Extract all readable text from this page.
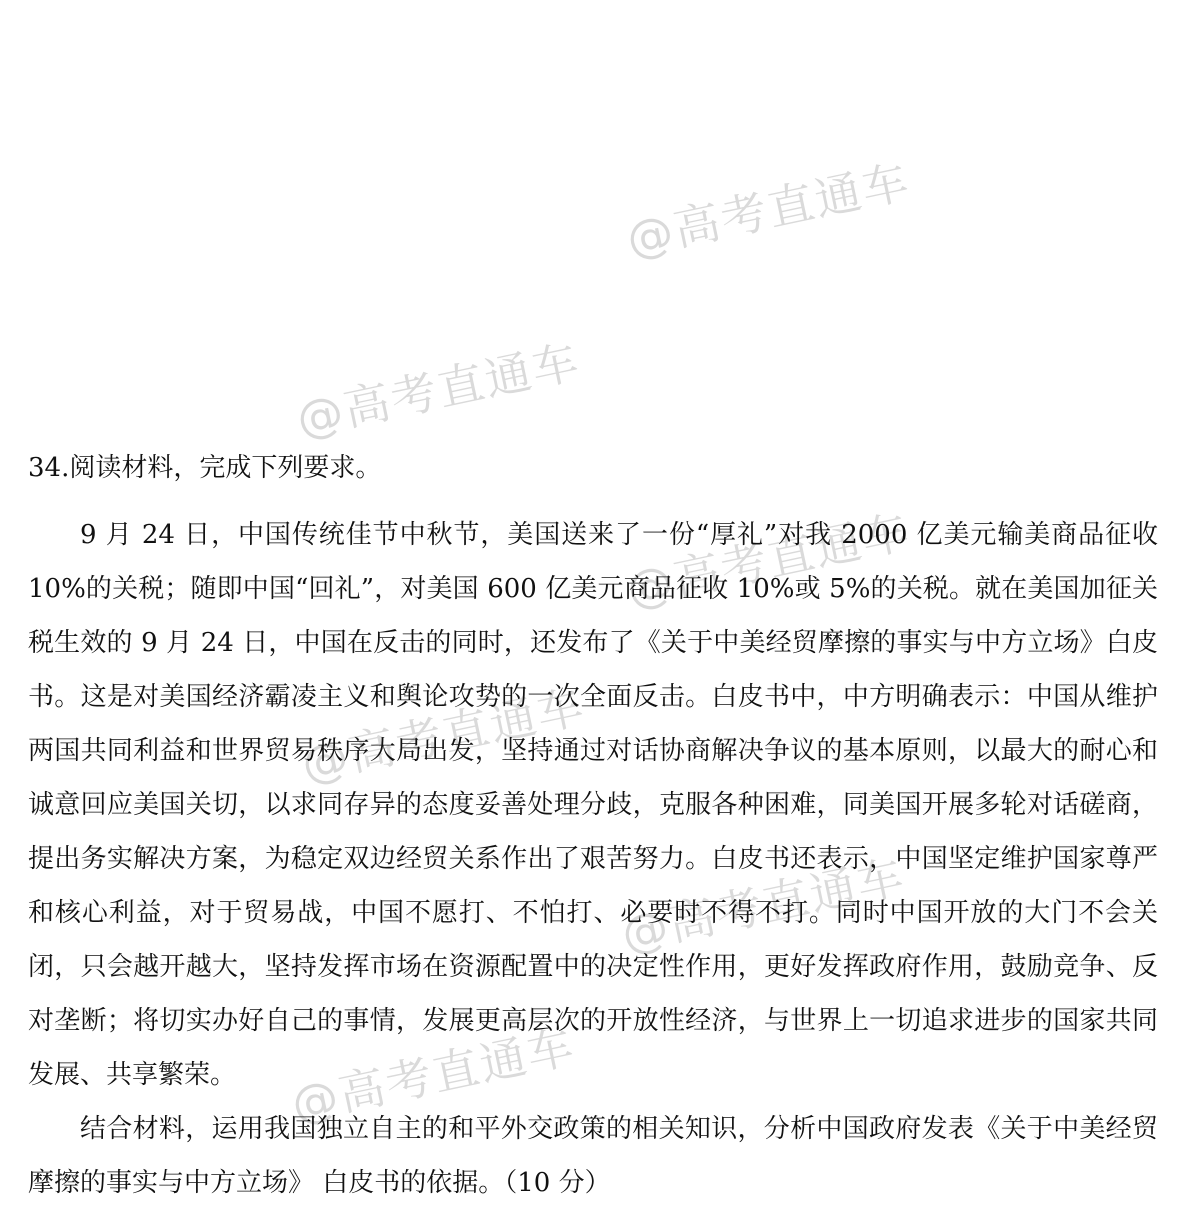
@高考直通车
@高考直通车
@高考直通车
@高考直通车
@高考直通车
@高考直通车
34.阅读材料，完成下列要求。

9 月 24 日，中国传统佳节中秋节，美国送来了一份“厚礼”对我 2000 亿美元输美商品征收 10%的关税；随即中国“回礼”，对美国 600 亿美元商品征收 10%或 5%的关税。就在美国加征关税生效的 9 月 24 日，中国在反击的同时，还发布了《关于中美经贸摩擦的事实与中方立场》白皮书。这是对美国经济霸凌主义和舆论攻势的一次全面反击。白皮书中，中方明确表示：中国从维护两国共同利益和世界贸易秩序大局出发，坚持通过对话协商解决争议的基本原则，以最大的耐心和诚意回应美国关切，以求同存异的态度妥善处理分歧，克服各种困难，同美国开展多轮对话磋商，提出务实解决方案，为稳定双边经贸关系作出了艰苦努力。白皮书还表示，中国坚定维护国家尊严和核心利益，对于贸易战，中国不愿打、不怕打、必要时不得不打。同时中国开放的大门不会关闭，只会越开越大，坚持发挥市场在资源配置中的决定性作用，更好发挥政府作用，鼓励竞争、反对垄断；将切实办好自己的事情，发展更高层次的开放性经济，与世界上一切追求进步的国家共同发展、共享繁荣。

结合材料，运用我国独立自主的和平外交政策的相关知识，分析中国政府发表《关于中美经贸摩擦的事实与中方立场》 白皮书的依据。（10 分）
